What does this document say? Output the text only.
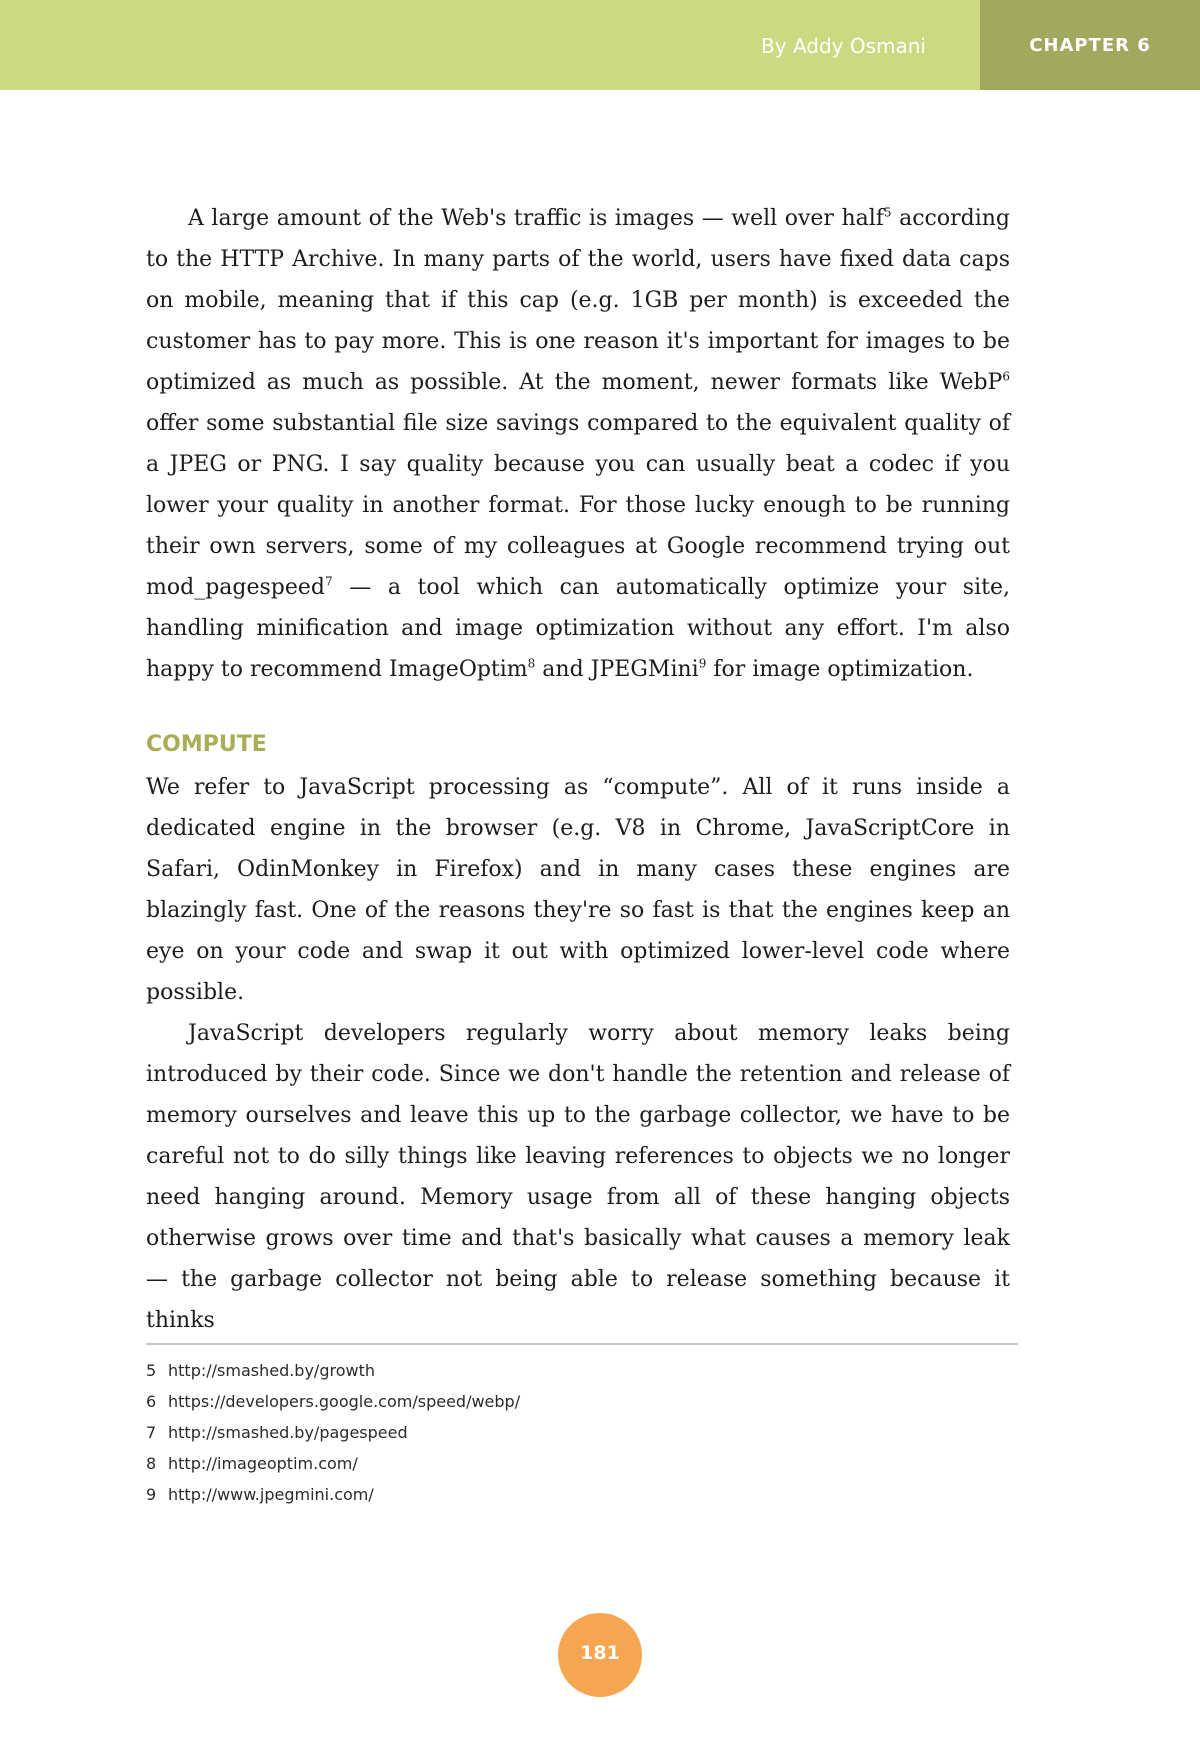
By Addy Osmani	CHAPTER 6

A large amount of the Web's traffic is images — well over half$^5$ according to the HTTP Archive. In many parts of the world, users have fixed data caps on mobile, meaning that if this cap (e.g. 1GB per month) is exceeded the customer has to pay more. This is one reason it's important for images to be optimized as much as possible. At the moment, newer formats like WebP$^6$ offer some substantial file size savings compared to the equivalent quality of a JPEG or PNG. I say quality because you can usually beat a codec if you lower your quality in another format. For those lucky enough to be running their own servers, some of my colleagues at Google recommend trying out mod_pagespeed$^7$ — a tool which can automatically optimize your site, handling minification and image optimization without any effort. I'm also happy to recommend ImageOptim$^8$ and JPEGMini$^9$ for image optimization.

COMPUTE

We refer to JavaScript processing as “compute”. All of it runs inside a dedicated engine in the browser (e.g. V8 in Chrome, JavaScriptCore in Safari, OdinMonkey in Firefox) and in many cases these engines are blazingly fast. One of the reasons they're so fast is that the engines keep an eye on your code and swap it out with optimized lower-level code where possible.

JavaScript developers regularly worry about memory leaks being introduced by their code. Since we don't handle the retention and release of memory ourselves and leave this up to the garbage collector, we have to be careful not to do silly things like leaving references to objects we no longer need hanging around. Memory usage from all of these hanging objects otherwise grows over time and that's basically what causes a memory leak — the garbage collector not being able to release something because it thinks

5 http://smashed.by/growth
6 https://developers.google.com/speed/webp/
7 http://smashed.by/pagespeed
8 http://imageoptim.com/
9 http://www.jpegmini.com/
181
